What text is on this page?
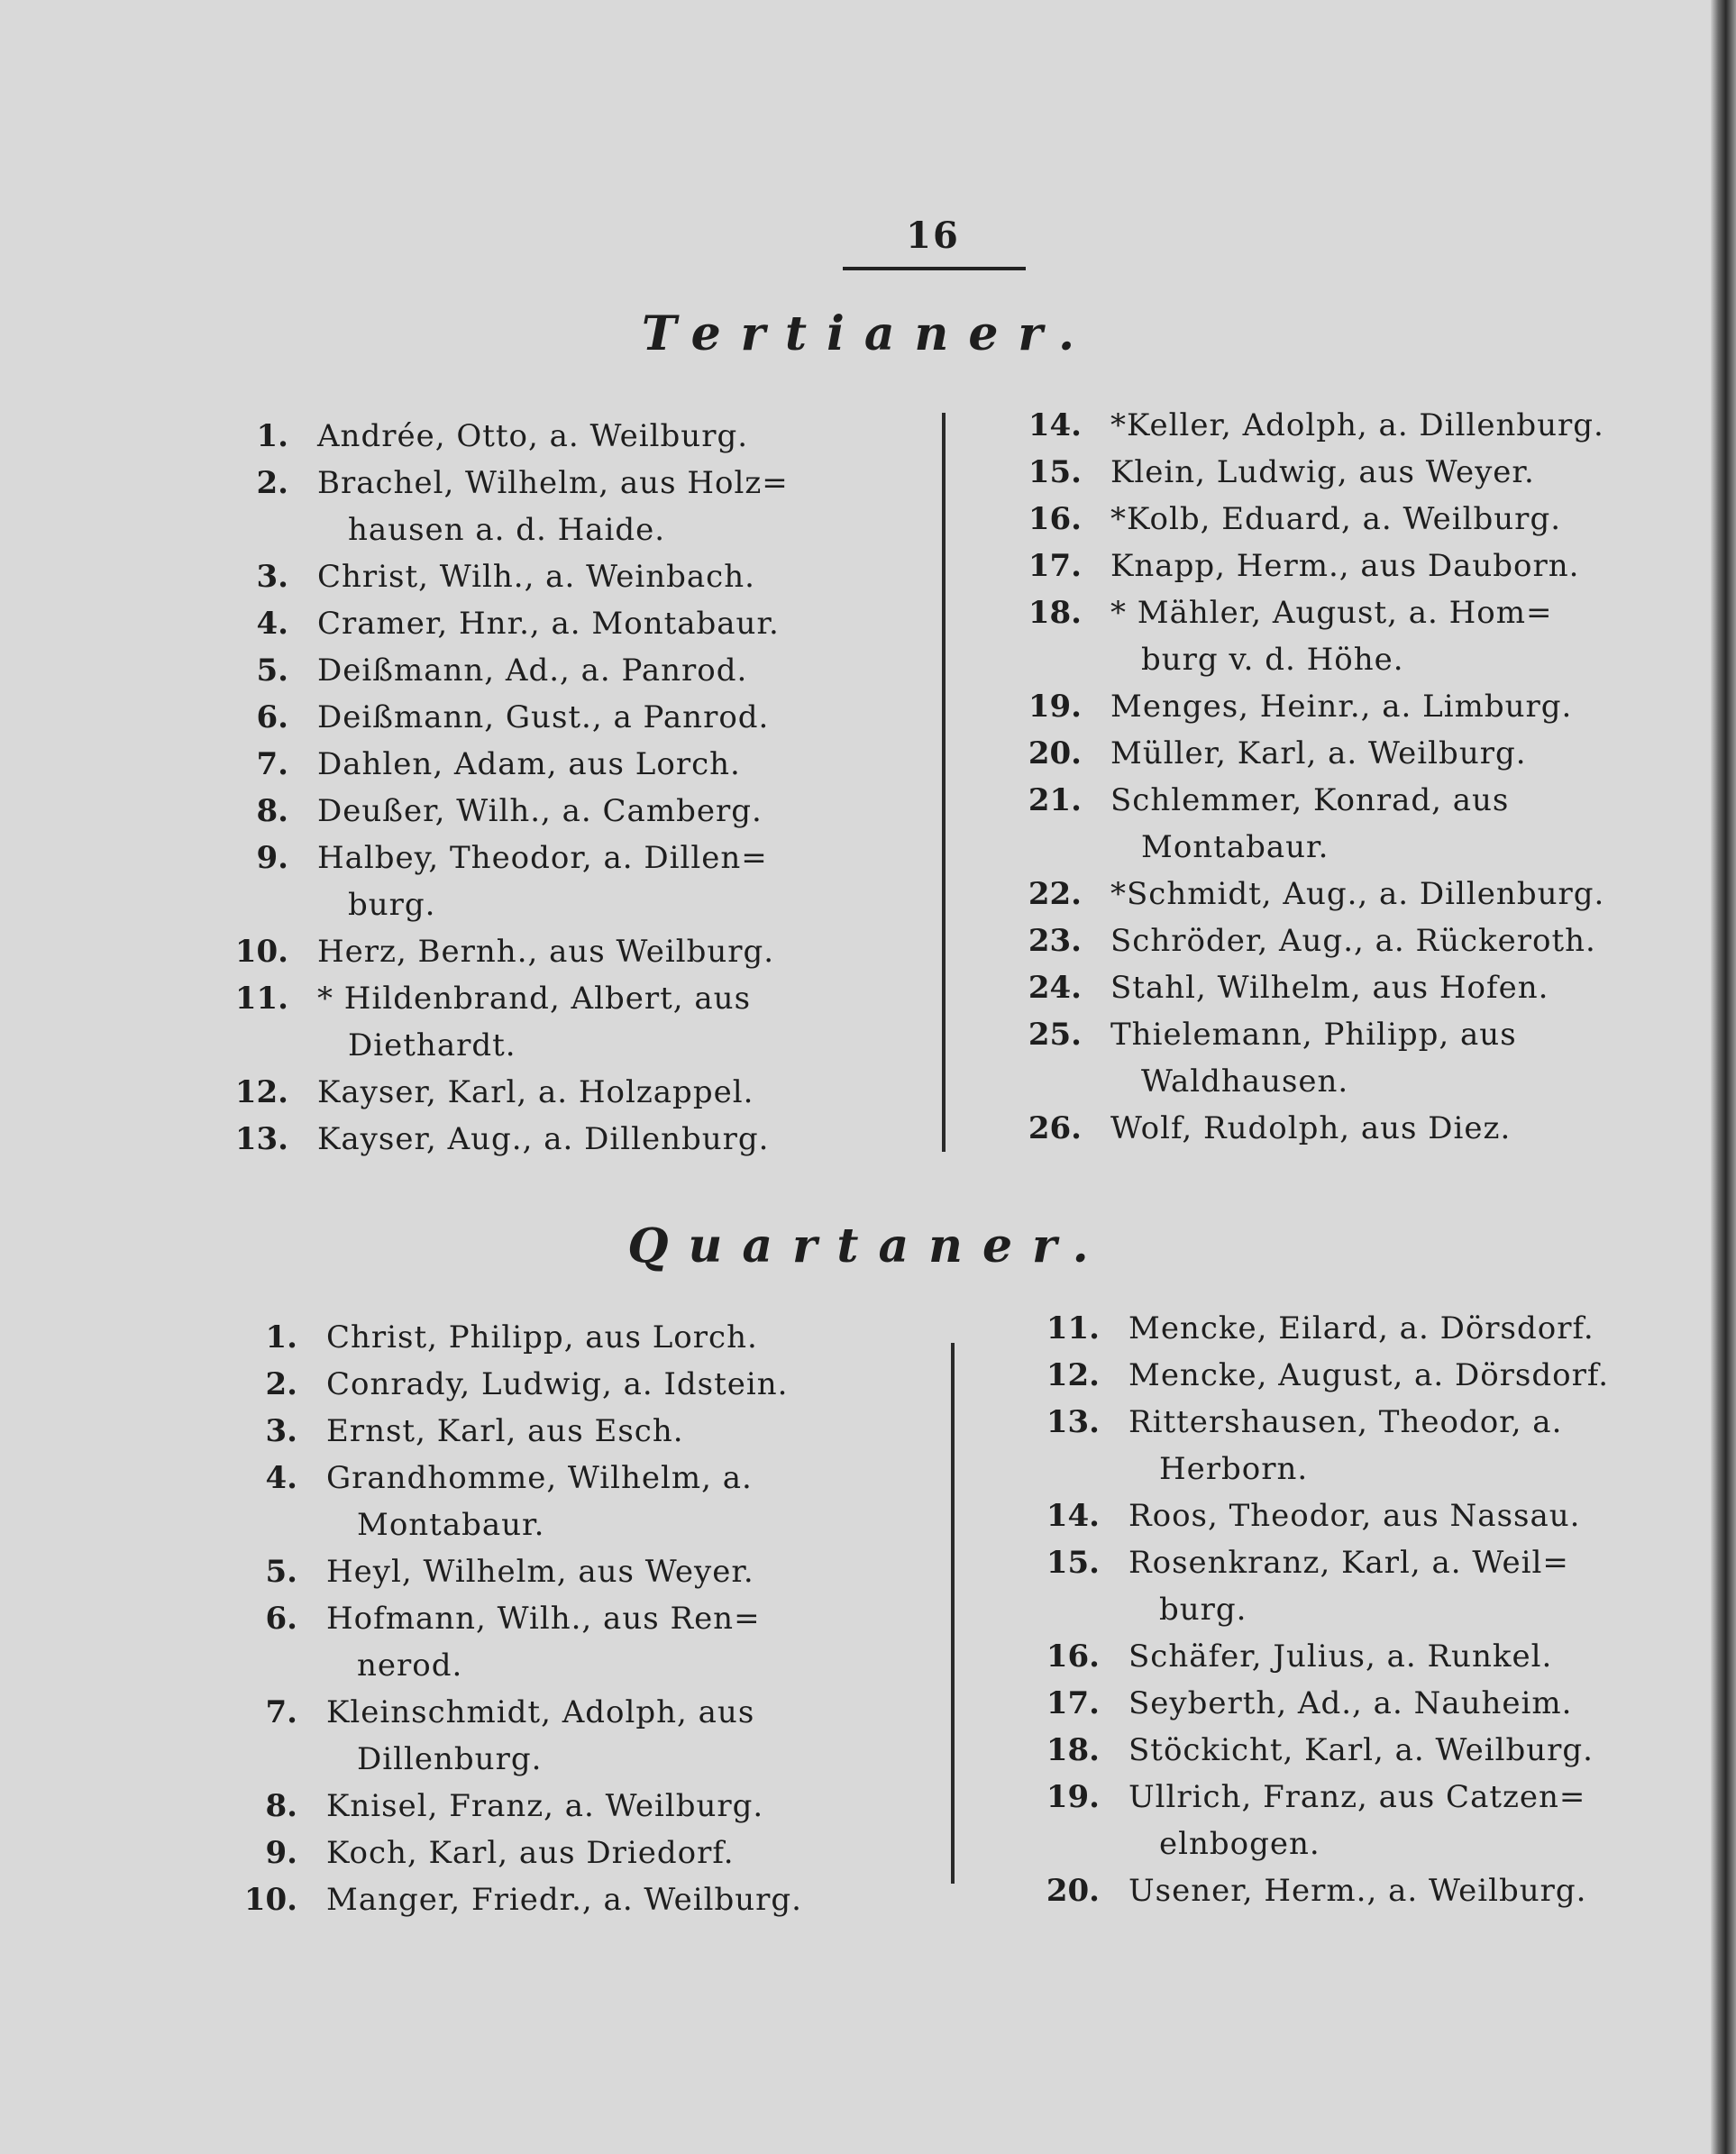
16
Tertianer.
1. Andrée, Otto, a. Weilburg.
2. Brachel, Wilhelm, aus Holz=
hausen a. d. Haide.
3. Christ, Wilh., a. Weinbach.
4. Cramer, Hnr., a. Montabaur.
5. Deißmann, Ad., a. Panrod.
6. Deißmann, Gust., a Panrod.
7. Dahlen, Adam, aus Lorch.
8. Deußer, Wilh., a. Camberg.
9. Halbey, Theodor, a. Dillen=
burg.
10. Herz, Bernh., aus Weilburg.
11. * Hildenbrand, Albert, aus
Diethardt.
12. Kayser, Karl, a. Holzappel.
13. Kayser, Aug., a. Dillenburg.
14. *Keller, Adolph, a. Dillenburg.
15. Klein, Ludwig, aus Weyer.
16. *Kolb, Eduard, a. Weilburg.
17. Knapp, Herm., aus Dauborn.
18. * Mähler, August, a. Hom=
burg v. d. Höhe.
19. Menges, Heinr., a. Limburg.
20. Müller, Karl, a. Weilburg.
21. Schlemmer, Konrad, aus
Montabaur.
22. *Schmidt, Aug., a. Dillenburg.
23. Schröder, Aug., a. Rückeroth.
24. Stahl, Wilhelm, aus Hofen.
25. Thielemann, Philipp, aus
Waldhausen.
26. Wolf, Rudolph, aus Diez.
Quartaner.
1. Christ, Philipp, aus Lorch.
2. Conrady, Ludwig, a. Idstein.
3. Ernst, Karl, aus Esch.
4. Grandhomme, Wilhelm, a.
Montabaur.
5. Heyl, Wilhelm, aus Weyer.
6. Hofmann, Wilh., aus Ren=
nerod.
7. Kleinschmidt, Adolph, aus
Dillenburg.
8. Knisel, Franz, a. Weilburg.
9. Koch, Karl, aus Driedorf.
10. Manger, Friedr., a. Weilburg.
11. Mencke, Eilard, a. Dörsdorf.
12. Mencke, August, a. Dörsdorf.
13. Rittershausen, Theodor, a.
Herborn.
14. Roos, Theodor, aus Nassau.
15. Rosenkranz, Karl, a. Weil=
burg.
16. Schäfer, Julius, a. Runkel.
17. Seyberth, Ad., a. Nauheim.
18. Stöckicht, Karl, a. Weilburg.
19. Ullrich, Franz, aus Catzen=
elnbogen.
20. Usener, Herm., a. Weilburg.
